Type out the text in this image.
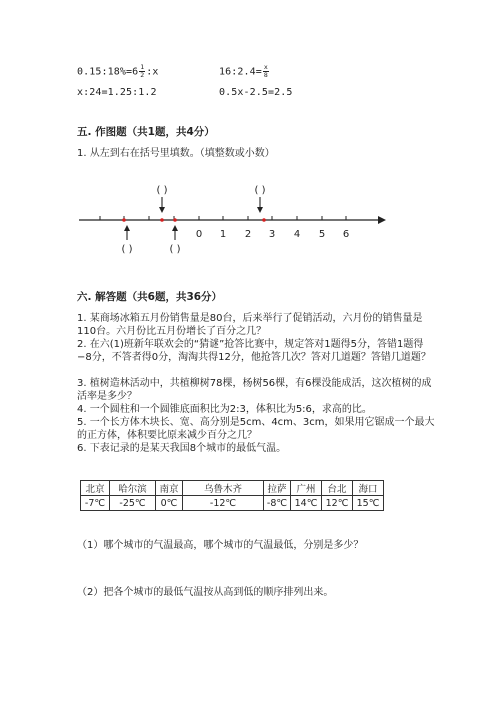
0.15:18%=6 $\frac{1}{2}$ :x	16:2.4= $\frac{x}{8}$
x:24=1.25:1.2	0.5x-2.5=2.5
五. 作图题（共1题，共4分）
1. 从左到右在括号里填数。（填整数或小数）
0 1 2 3 4 5 6
( )	( )
( )	( )
六. 解答题（共6题，共36分）
1. 某商场冰箱五月份销售量是80台，后来举行了促销活动，六月份的销售量是110台。六月份比五月份增长了百分之几？
2. 在六(1)班新年联欢会的“猜谜”抢答比赛中，规定答对1题得5分，答错1题得−8分，不答者得0分，淘淘共得12分，他抢答几次？答对几道题？答错几道题？
3. 植树造林活动中，共植柳树78棵，杨树56棵，有6棵没能成活，这次植树的成活率是多少？
4. 一个圆柱和一个圆锥底面积比为2:3，体积比为5:6，求高的比。
5. 一个长方体木块长、宽、高分别是5cm、4cm、3cm，如果用它锯成一个最大的正方体，体积要比原来减少百分之几？
6. 下表记录的是某天我国8个城市的最低气温。
北京	哈尔滨	南京	乌鲁木齐	拉萨	广州	台北	海口
-7℃	-25℃	0℃	-12℃	-8℃	14℃	12℃	15℃
（1）哪个城市的气温最高，哪个城市的气温最低，分别是多少？
（2）把各个城市的最低气温按从高到低的顺序排列出来。
